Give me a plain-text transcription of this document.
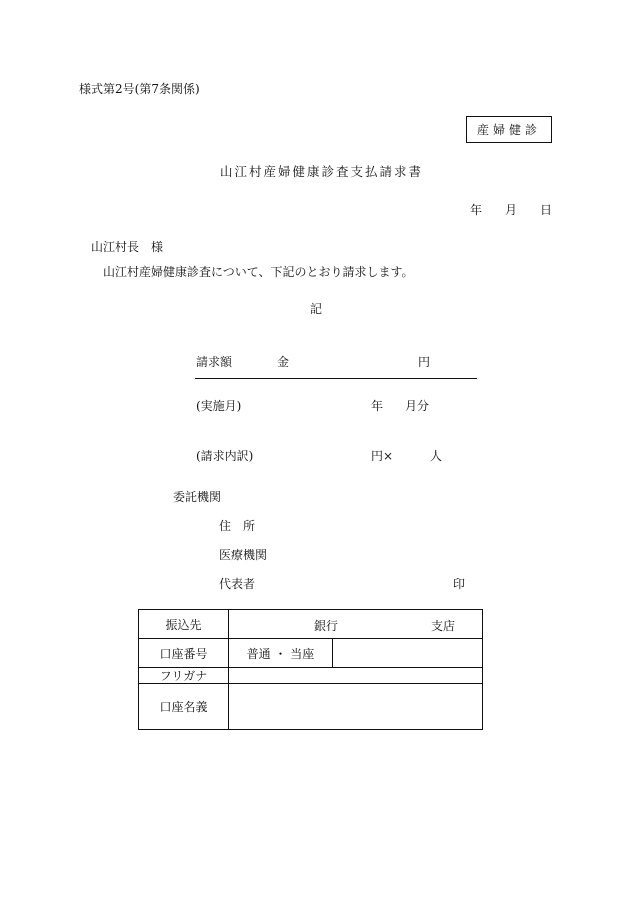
様式第2号(第7条関係)
産婦健診
山江村産婦健康診査支払請求書
年 月 日
山江村長　様
山江村産婦健康診査について、下記のとおり請求します。
記
請求額	金	円
(実施月)	年 月分
(請求内訳)	円×	人
委託機関
住　所
医療機関
代表者	印
振込先	銀行 支店	

口座番号	普通 ・ 当座	
フリガナ		
口座名義		
